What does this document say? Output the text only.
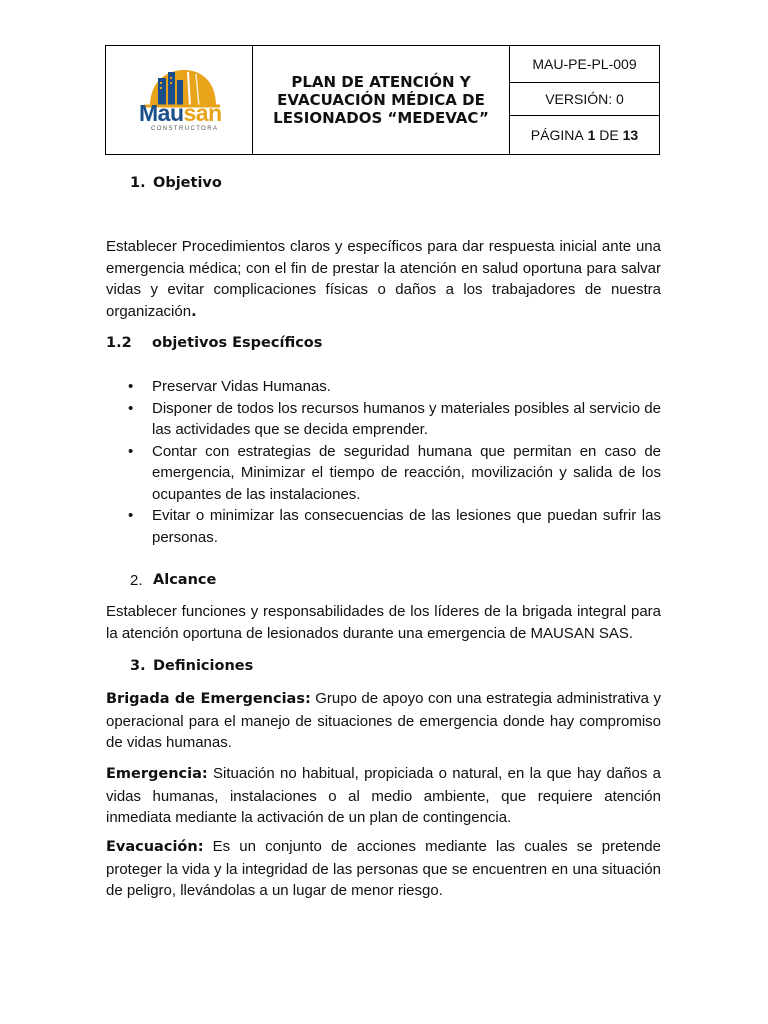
Mausan
CONSTRUCTORA
PLAN DE ATENCIÓN Y
EVACUACIÓN MÉDICA DE
LESIONADOS “MEDEVAC”
MAU-PE-PL-009
VERSIÓN: 0
PÁGINA
1
DE
13
1. Objetivo
Establecer Procedimientos claros y específicos para dar respuesta inicial ante una emergencia médica; con el fin de prestar la atención en salud oportuna para salvar vidas y evitar complicaciones físicas o daños a los trabajadores de nuestra organización.
1.2	objetivos Específicos
• Preservar Vidas Humanas.
• Disponer de todos los recursos humanos y materiales posibles al servicio de las actividades que se decida emprender.
• Contar con estrategias de seguridad humana que permitan en caso de emergencia, Minimizar el tiempo de reacción, movilización y salida de los ocupantes de las instalaciones.
• Evitar o minimizar las consecuencias de las lesiones que puedan sufrir las personas.
2. Alcance
Establecer funciones y responsabilidades de los líderes de la brigada integral para la atención oportuna de lesionados durante una emergencia de MAUSAN SAS.
3. Definiciones
Brigada de Emergencias: Grupo de apoyo con una estrategia administrativa y operacional para el manejo de situaciones de emergencia donde hay compromiso de vidas humanas.
Emergencia: Situación no habitual, propiciada o natural, en la que hay daños a vidas humanas, instalaciones o al medio ambiente, que requiere atención inmediata mediante la activación de un plan de contingencia.
Evacuación: Es un conjunto de acciones mediante las cuales se pretende proteger la vida y la integridad de las personas que se encuentren en una situación de peligro, llevándolas a un lugar de menor riesgo.
